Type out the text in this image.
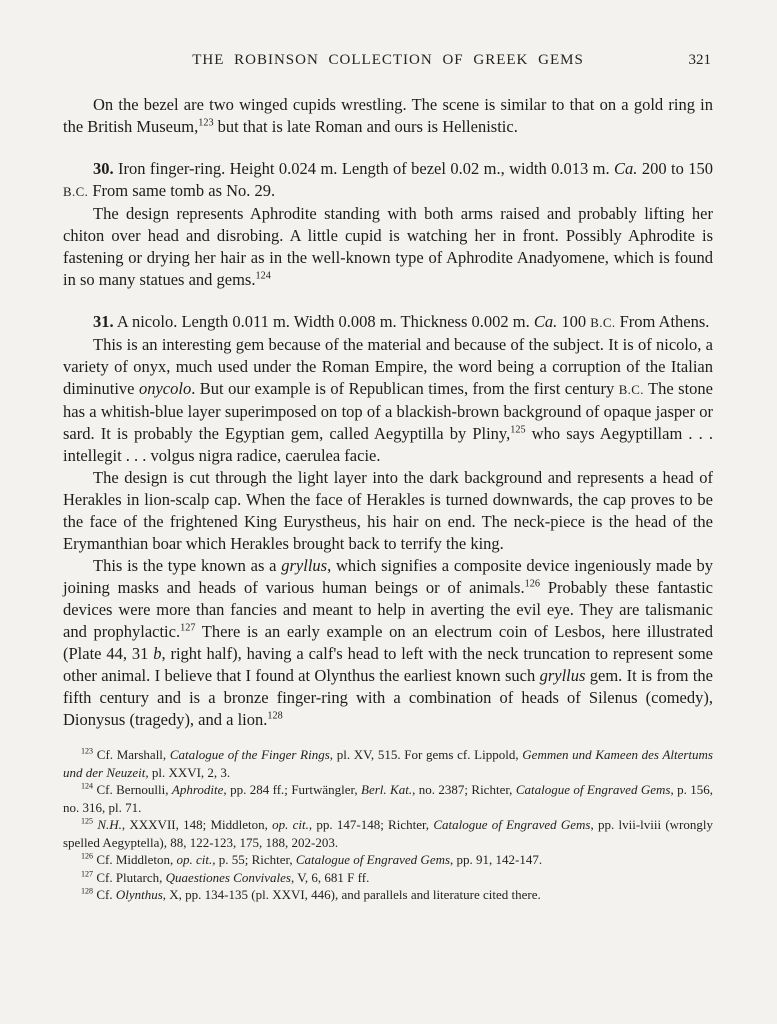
THE ROBINSON COLLECTION OF GREEK GEMS	321

On the bezel are two winged cupids wrestling. The scene is similar to that on a gold ring in the British Museum,$^{123}$ but that is late Roman and ours is Hellenistic.

30. Iron finger-ring. Height 0.024 m. Length of bezel 0.02 m., width 0.013 m. Ca. 200 to 150 B.C. From same tomb as No. 29.

The design represents Aphrodite standing with both arms raised and probably lifting her chiton over head and disrobing. A little cupid is watching her in front. Possibly Aphrodite is fastening or drying her hair as in the well-known type of Aphrodite Anadyomene, which is found in so many statues and gems.$^{124}$

31. A nicolo. Length 0.011 m. Width 0.008 m. Thickness 0.002 m. Ca. 100 B.C. From Athens.

This is an interesting gem because of the material and because of the subject. It is of nicolo, a variety of onyx, much used under the Roman Empire, the word being a corruption of the Italian diminutive onycolo. But our example is of Republican times, from the first century B.C. The stone has a whitish-blue layer superimposed on top of a blackish-brown background of opaque jasper or sard. It is probably the Egyptian gem, called Aegyptilla by Pliny,$^{125}$ who says Aegyptillam . . . intellegit . . . volgus nigra radice, caerulea facie.

The design is cut through the light layer into the dark background and represents a head of Herakles in lion-scalp cap. When the face of Herakles is turned downwards, the cap proves to be the face of the frightened King Eurystheus, his hair on end. The neck-piece is the head of the Erymanthian boar which Herakles brought back to terrify the king.

This is the type known as a gryllus, which signifies a composite device ingeniously made by joining masks and heads of various human beings or of animals.$^{126}$ Probably these fantastic devices were more than fancies and meant to help in averting the evil eye. They are talismanic and prophylactic.$^{127}$ There is an early example on an electrum coin of Lesbos, here illustrated (Plate 44, 31 b, right half), having a calf's head to left with the neck truncation to represent some other animal. I believe that I found at Olynthus the earliest known such gryllus gem. It is from the fifth century and is a bronze finger-ring with a combination of heads of Silenus (comedy), Dionysus (tragedy), and a lion.$^{128}$

$^{123}$ Cf. Marshall, Catalogue of the Finger Rings, pl. XV, 515. For gems cf. Lippold, Gemmen und Kameen des Altertums und der Neuzeit, pl. XXVI, 2, 3.

$^{124}$ Cf. Bernoulli, Aphrodite, pp. 284 ff.; Furtwängler, Berl. Kat., no. 2387; Richter, Catalogue of Engraved Gems, p. 156, no. 316, pl. 71.

$^{125}$ N.H., XXXVII, 148; Middleton, op. cit., pp. 147-148; Richter, Catalogue of Engraved Gems, pp. lvii-lviii (wrongly spelled Aegyptella), 88, 122-123, 175, 188, 202-203.

$^{126}$ Cf. Middleton, op. cit., p. 55; Richter, Catalogue of Engraved Gems, pp. 91, 142-147.

$^{127}$ Cf. Plutarch, Quaestiones Convivales, V, 6, 681 F ff.

$^{128}$ Cf. Olynthus, X, pp. 134-135 (pl. XXVI, 446), and parallels and literature cited there.
